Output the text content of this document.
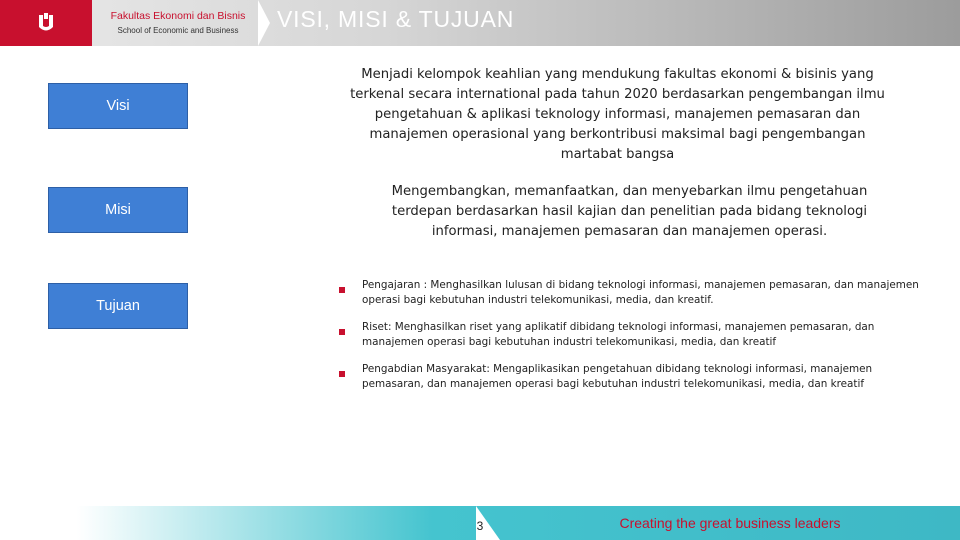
Fakultas Ekonomi dan Bisnis
School of Economic and Business	VISI, MISI & TUJUAN
Visi
Misi
Tujuan
Menjadi kelompok keahlian yang mendukung fakultas ekonomi & bisinis yang terkenal secara international pada tahun 2020 berdasarkan pengembangan ilmu pengetahuan & aplikasi teknology informasi, manajemen pemasaran dan manajemen operasional yang berkontribusi maksimal bagi pengembangan martabat bangsa
Mengembangkan, memanfaatkan, dan menyebarkan ilmu pengetahuan terdepan berdasarkan hasil kajian dan penelitian pada bidang teknologi informasi, manajemen pemasaran dan manajemen operasi.
Pengajaran : Menghasilkan lulusan di bidang teknologi informasi, manajemen pemasaran, dan manajemen operasi bagi kebutuhan industri telekomunikasi, media, dan kreatif.
Riset: Menghasilkan riset yang aplikatif dibidang teknologi informasi, manajemen pemasaran, dan manajemen operasi bagi kebutuhan industri telekomunikasi, media, dan kreatif
Pengabdian Masyarakat: Mengaplikasikan pengetahuan dibidang teknologi informasi, manajemen pemasaran, dan manajemen operasi bagi kebutuhan industri telekomunikasi, media, dan kreatif
3	Creating the great business leaders
